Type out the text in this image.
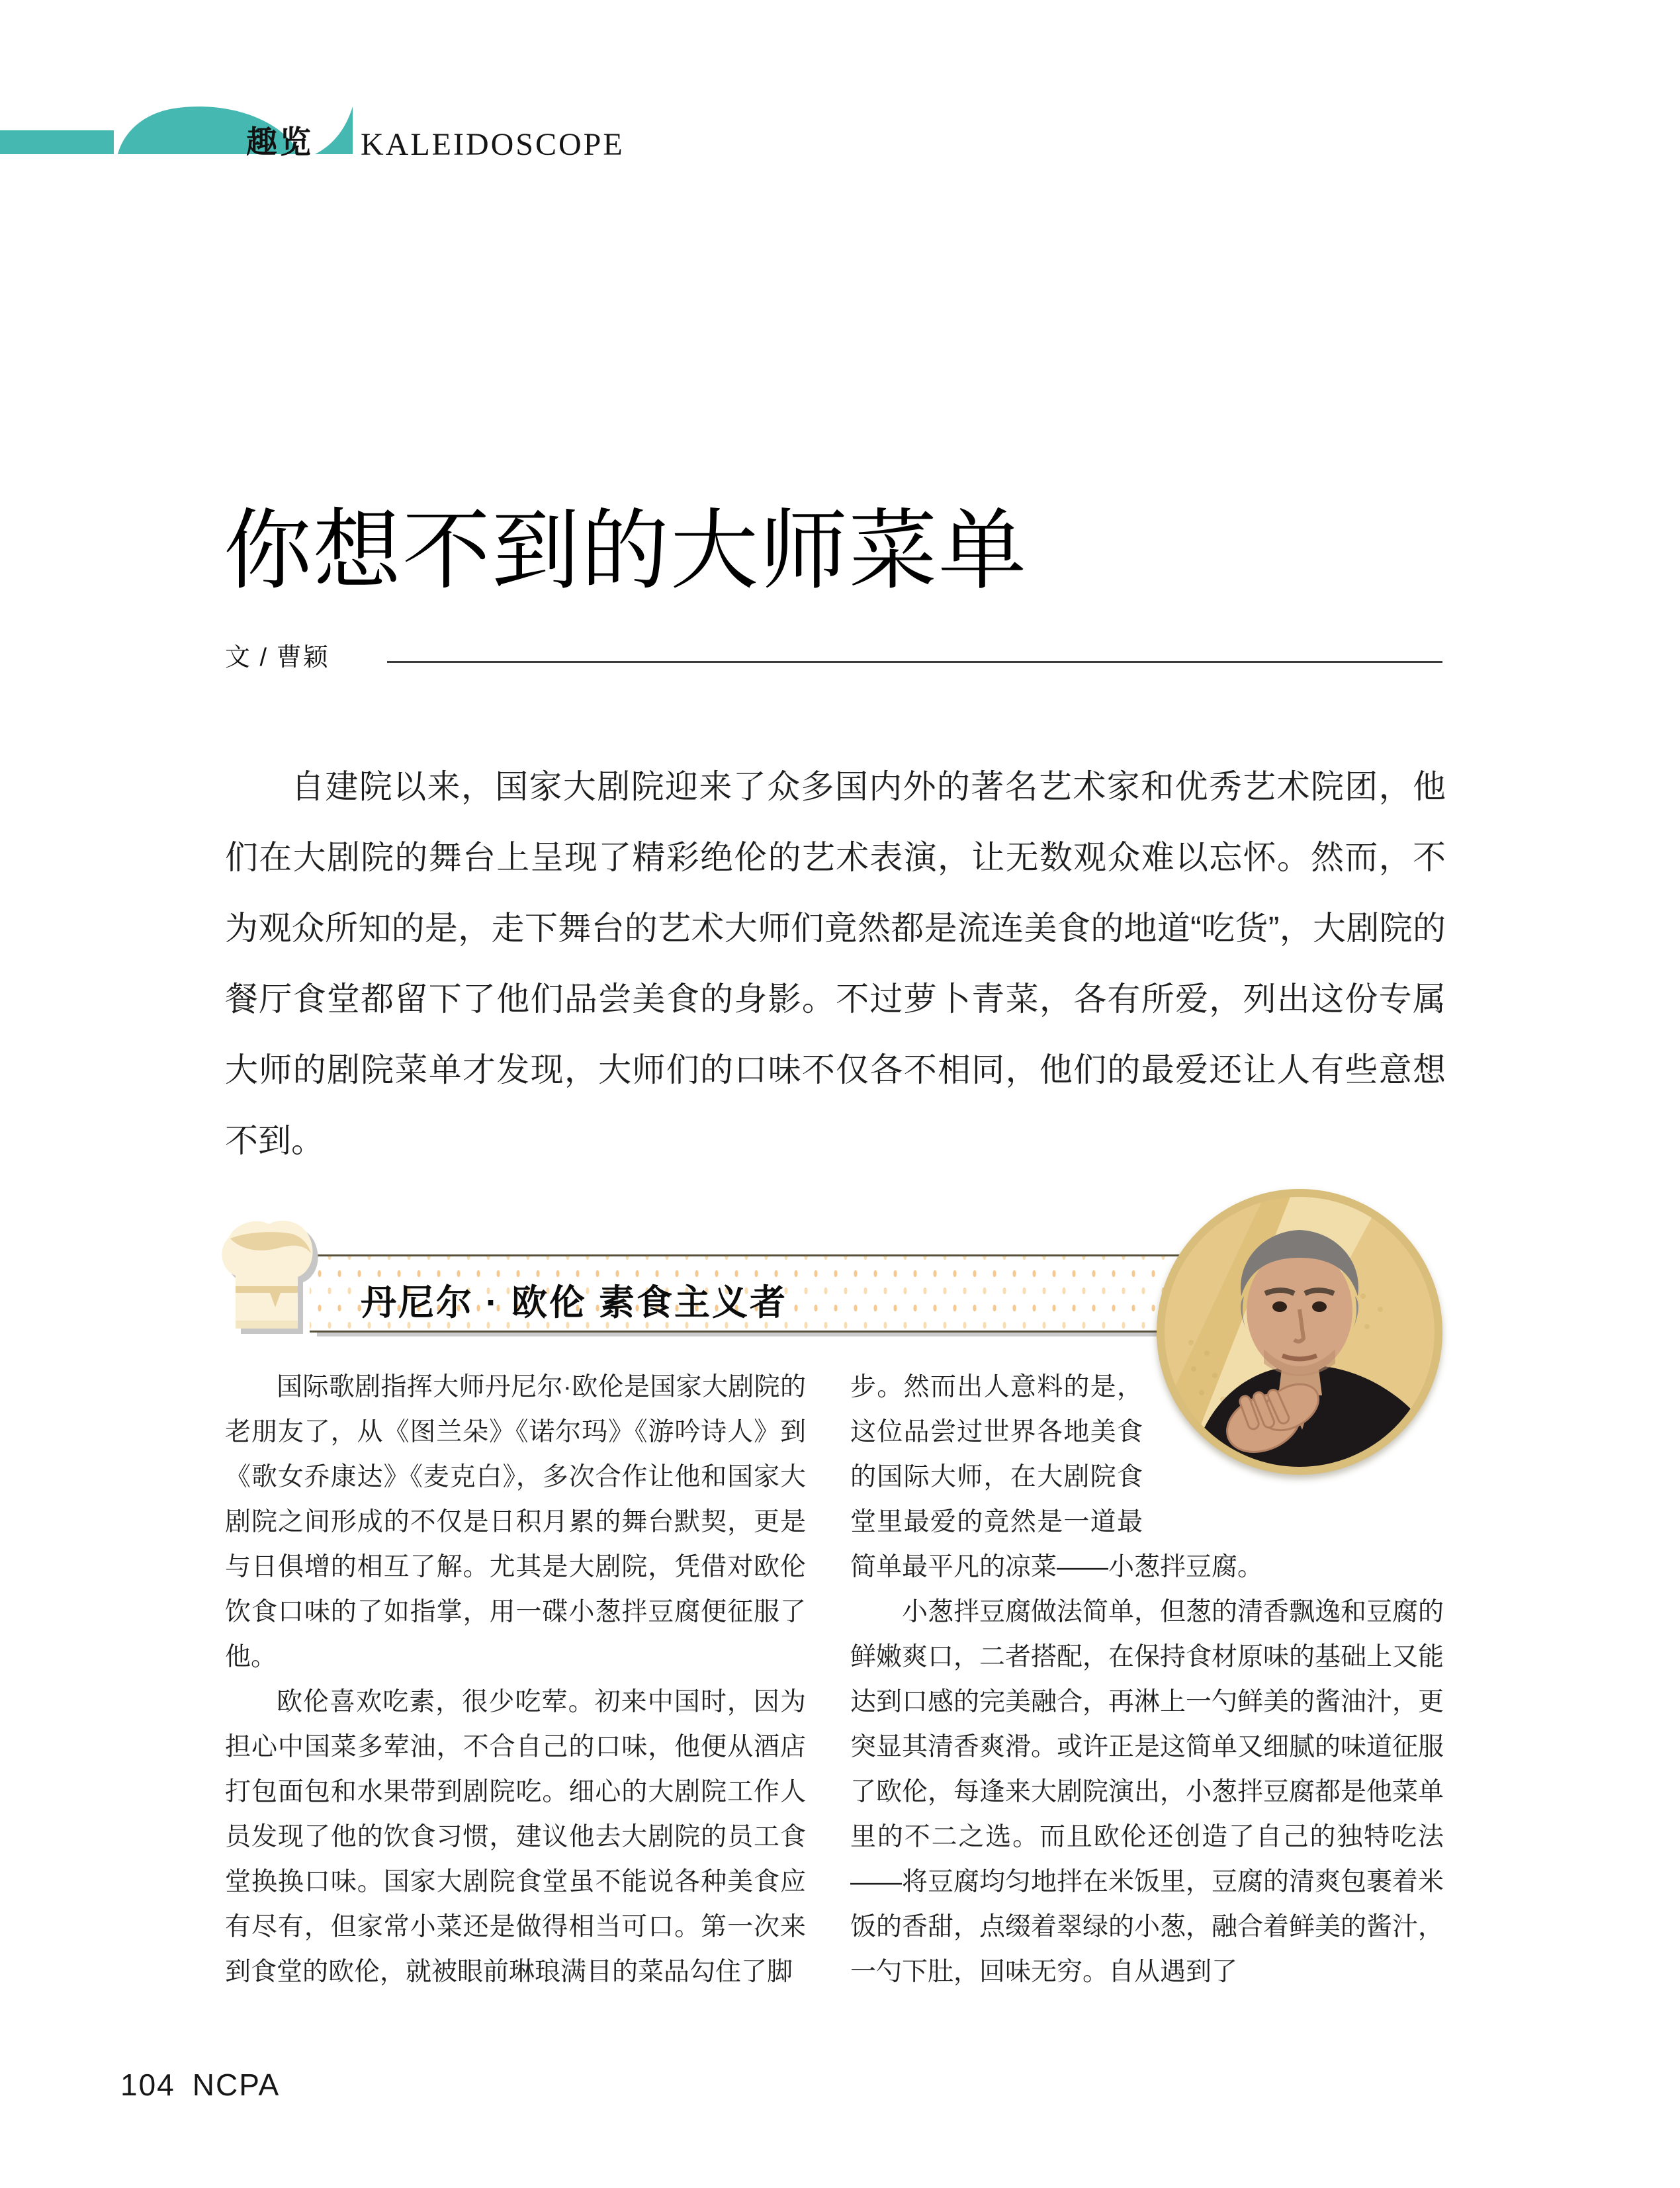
趣览 KALEIDOSCOPE
你想不到的大师菜单
文 / 曹颖

自建院以来，国家大剧院迎来了众多国内外的著名艺术家和优秀艺术院团，他们在大剧院的舞台上呈现了精彩绝伦的艺术表演，让无数观众难以忘怀。然而，不为观众所知的是，走下舞台的艺术大师们竟然都是流连美食的地道“吃货”，大剧院的餐厅食堂都留下了他们品尝美食的身影。不过萝卜青菜，各有所爱，列出这份专属大师的剧院菜单才发现，大师们的口味不仅各不相同，他们的最爱还让人有些意想不到。

丹尼尔 · 欧伦 素食主义者

国际歌剧指挥大师丹尼尔·欧伦是国家大剧院的老朋友了，从《图兰朵》《诺尔玛》《游吟诗人》到《歌女乔康达》《麦克白》，多次合作让他和国家大剧院之间形成的不仅是日积月累的舞台默契，更是与日俱增的相互了解。尤其是大剧院，凭借对欧伦饮食口味的了如指掌，用一碟小葱拌豆腐便征服了他。

欧伦喜欢吃素，很少吃荤。初来中国时，因为担心中国菜多荤油，不合自己的口味，他便从酒店打包面包和水果带到剧院吃。细心的大剧院工作人员发现了他的饮食习惯，建议他去大剧院的员工食堂换换口味。国家大剧院食堂虽不能说各种美食应有尽有，但家常小菜还是做得相当可口。第一次来到食堂的欧伦，就被眼前琳琅满目的菜品勾住了脚

步。然而出人意料的是，这位品尝过世界各地美食的国际大师，在大剧院食堂里最爱的竟然是一道最简单最平凡的凉菜——小葱拌豆腐。

小葱拌豆腐做法简单，但葱的清香飘逸和豆腐的鲜嫩爽口，二者搭配，在保持食材原味的基础上又能达到口感的完美融合，再淋上一勺鲜美的酱油汁，更突显其清香爽滑。或许正是这简单又细腻的味道征服了欧伦，每逢来大剧院演出，小葱拌豆腐都是他菜单里的不二之选。而且欧伦还创造了自己的独特吃法——将豆腐均匀地拌在米饭里，豆腐的清爽包裹着米饭的香甜，点缀着翠绿的小葱，融合着鲜美的酱汁，一勺下肚，回味无穷。自从遇到了

104 NCPA
